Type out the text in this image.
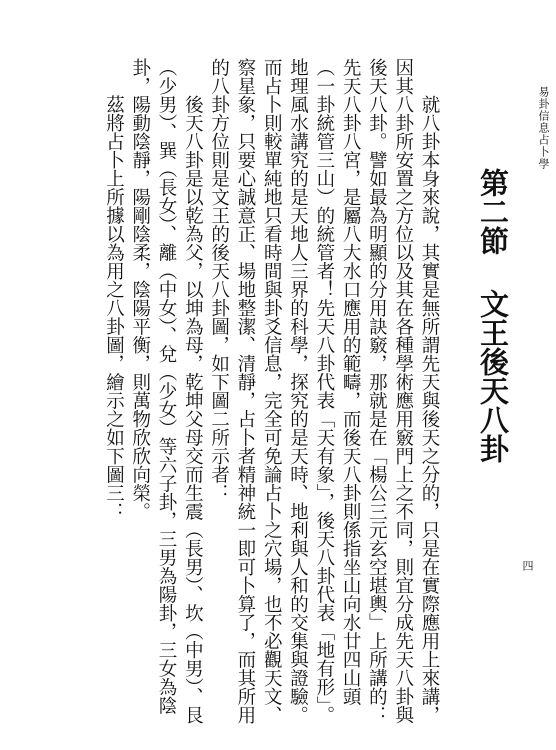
易卦信息占卜學
四
第二節文王後天八卦

就八卦本身來說，其實是無所謂先天與後天之分的，只是在實際應用上來講，因其八卦所安置之方位以及其在各種學術應用竅門上之不同，則宜分成先天八卦與後天八卦。譬如最為明顯的分用訣竅，那就是在「楊公三元玄空堪輿」上所講的：先天八卦八宮，是屬八大水口應用的範疇，而後天八卦則係指坐山向水廿四山頭（一卦統管三山）的統管者！先天八卦代表「天有象」，後天八卦代表「地有形」。地理風水講究的是天地人三界的科學，探究的是天時、地利與人和的交集與證驗。而占卜則較單純地只看時間與卦爻信息，完全可免論占卜之穴場，也不必觀天文、察星象，只要心誠意正、場地整潔、清靜，占卜者精神統一即可卜算了，而其所用的八卦方位則是文王的後天八卦圖，如下圖二所示者：

後天八卦是以乾為父，以坤為母，乾坤父母交而生震（長男）、坎（中男）、艮（少男）、巽（長女）、離（中女）、兌（少女）等六子卦，三男為陽卦，三女為陰卦，陽動陰靜，陽剛陰柔，陰陽平衡，則萬物欣欣向榮。

茲將占卜上所據以為用之八卦圖，繪示之如下圖三：
